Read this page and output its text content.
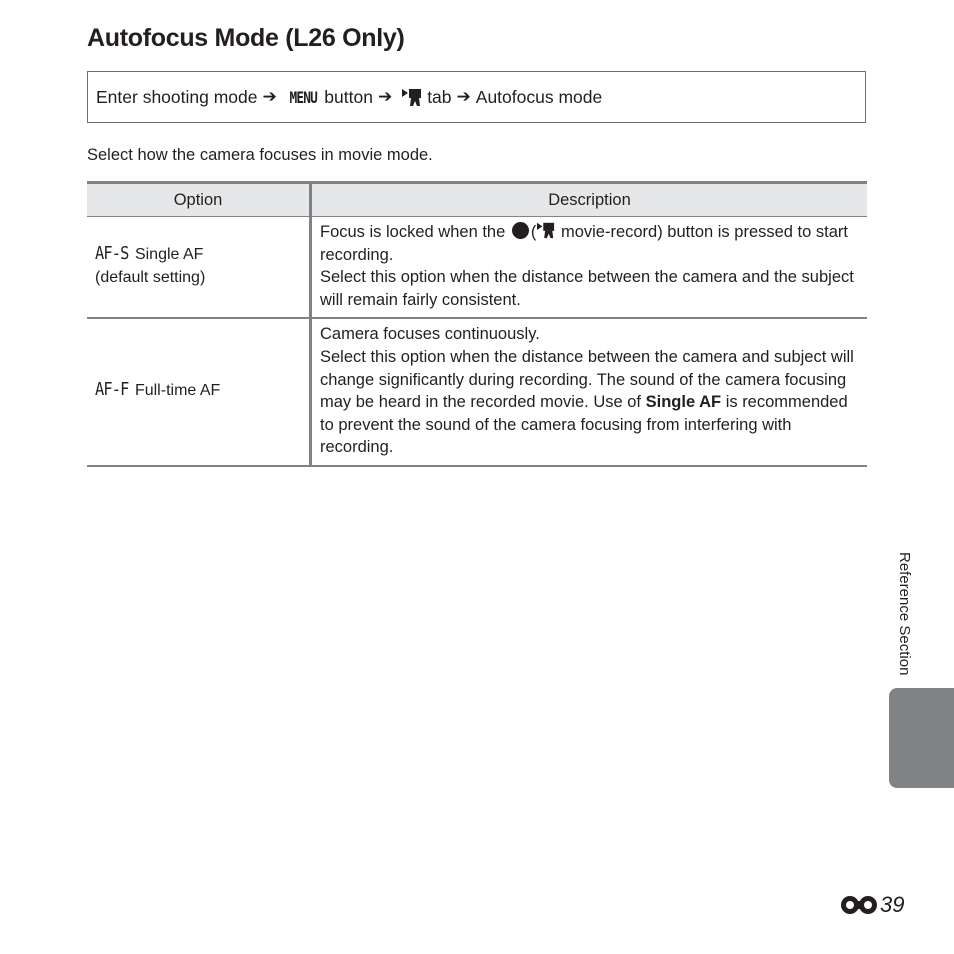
Autofocus Mode (L26 Only)
Enter shooting mode ➔ MENU button ➔ tab ➔ Autofocus mode

Select how the camera focuses in movie mode.

Option	Description
AF-S Single AF
(default setting)	Focus is locked when the ( movie-record) button is pressed to start recording.
Select this option when the distance between the camera and the subject will remain fairly consistent.
AF-F Full-time AF	Camera focuses continuously.
Select this option when the distance between the camera and subject will change significantly during recording. The sound of the camera focusing may be heard in the recorded movie. Use of Single AF is recommended to prevent the sound of the camera focusing from interfering with recording.
Reference Section
39
